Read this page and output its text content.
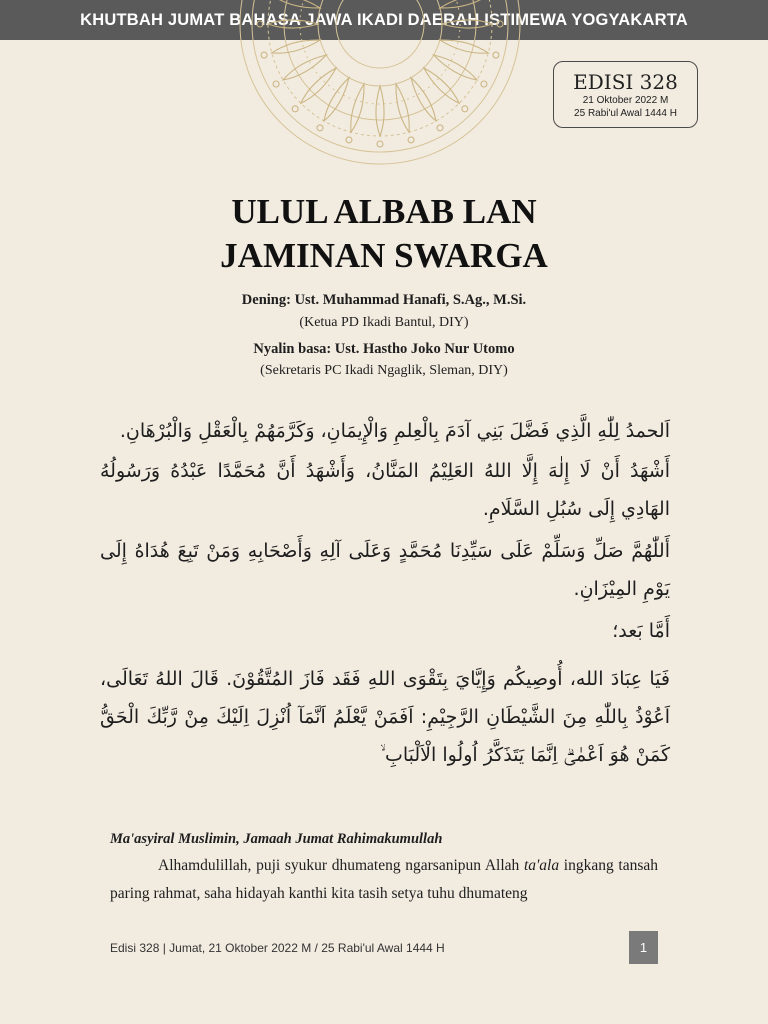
KHUTBAH JUMAT BAHASA JAWA IKADI DAERAH ISTIMEWA YOGYAKARTA
EDISI 328
21 Oktober 2022 M
25 Rabi'ul Awal 1444 H
ULUL ALBAB LAN
JAMINAN SWARGA
Dening: Ust. Muhammad Hanafi, S.Ag., M.Si.
(Ketua PD Ikadi Bantul, DIY)
Nyalin basa: Ust. Hastho Joko Nur Utomo
(Sekretaris PC Ikadi Ngaglik, Sleman, DIY)
اَلحمدُ لِلّٰهِ الَّذِي فَضَّلَ بَنِي آدَمَ بِالْعِلمِ وَالْإِيمَانِ، وَكَرَّمَهُمْ بِالْعَقْلِ وَالْبُرْهَانِ.
أَشْهَدُ أَنْ لَا إِلٰهَ إِلَّا اللهُ العَلِيْمُ المَنَّانُ، وَأَشْهَدُ أَنَّ مُحَمَّدًا عَبْدُهُ وَرَسُولُهُ الهَادِي إِلَى سُبُلِ السَّلَامِ.
أَللّٰهُمَّ صَلِّ وَسَلِّمْ عَلَى سَيِّدِنَا مُحَمَّدٍ وَعَلَى آلِهِ وَأَصْحَابِهِ وَمَنْ تَبِعَ هُدَاهُ إِلَى يَوْمِ المِيْزَانِ.
أَمَّا بَعد؛
فَيَا عِبَادَ الله، أُوصِيكُم وَإِيَّايَ بِتَقْوَى اللهِ فَقَد فَازَ المُتَّقُوْنَ. قَالَ اللهُ تَعَالَى، اَعُوْذُ بِاللّٰهِ مِنَ الشَّيْطَانِ الرَّجِيْمِ: اَفَمَنْ يَّعْلَمُ اَنَّمَآ اُنْزِلَ اِلَيْكَ مِنْ رَّبِّكَ الْحَقُّ كَمَنْ هُوَ اَعْمٰىۗ اِنَّمَا يَتَذَكَّرُ اُولُوا الْاَلْبَابِ ۙ
Ma'asyiral Muslimin, Jamaah Jumat Rahimakumullah
Alhamdulillah, puji syukur dhumateng ngarsanipun Allah ta'ala ingkang tansah paring rahmat, saha hidayah kanthi kita tasih setya tuhu dhumateng
Edisi 328 | Jumat, 21 Oktober 2022 M / 25 Rabi'ul Awal 1444 H	1
